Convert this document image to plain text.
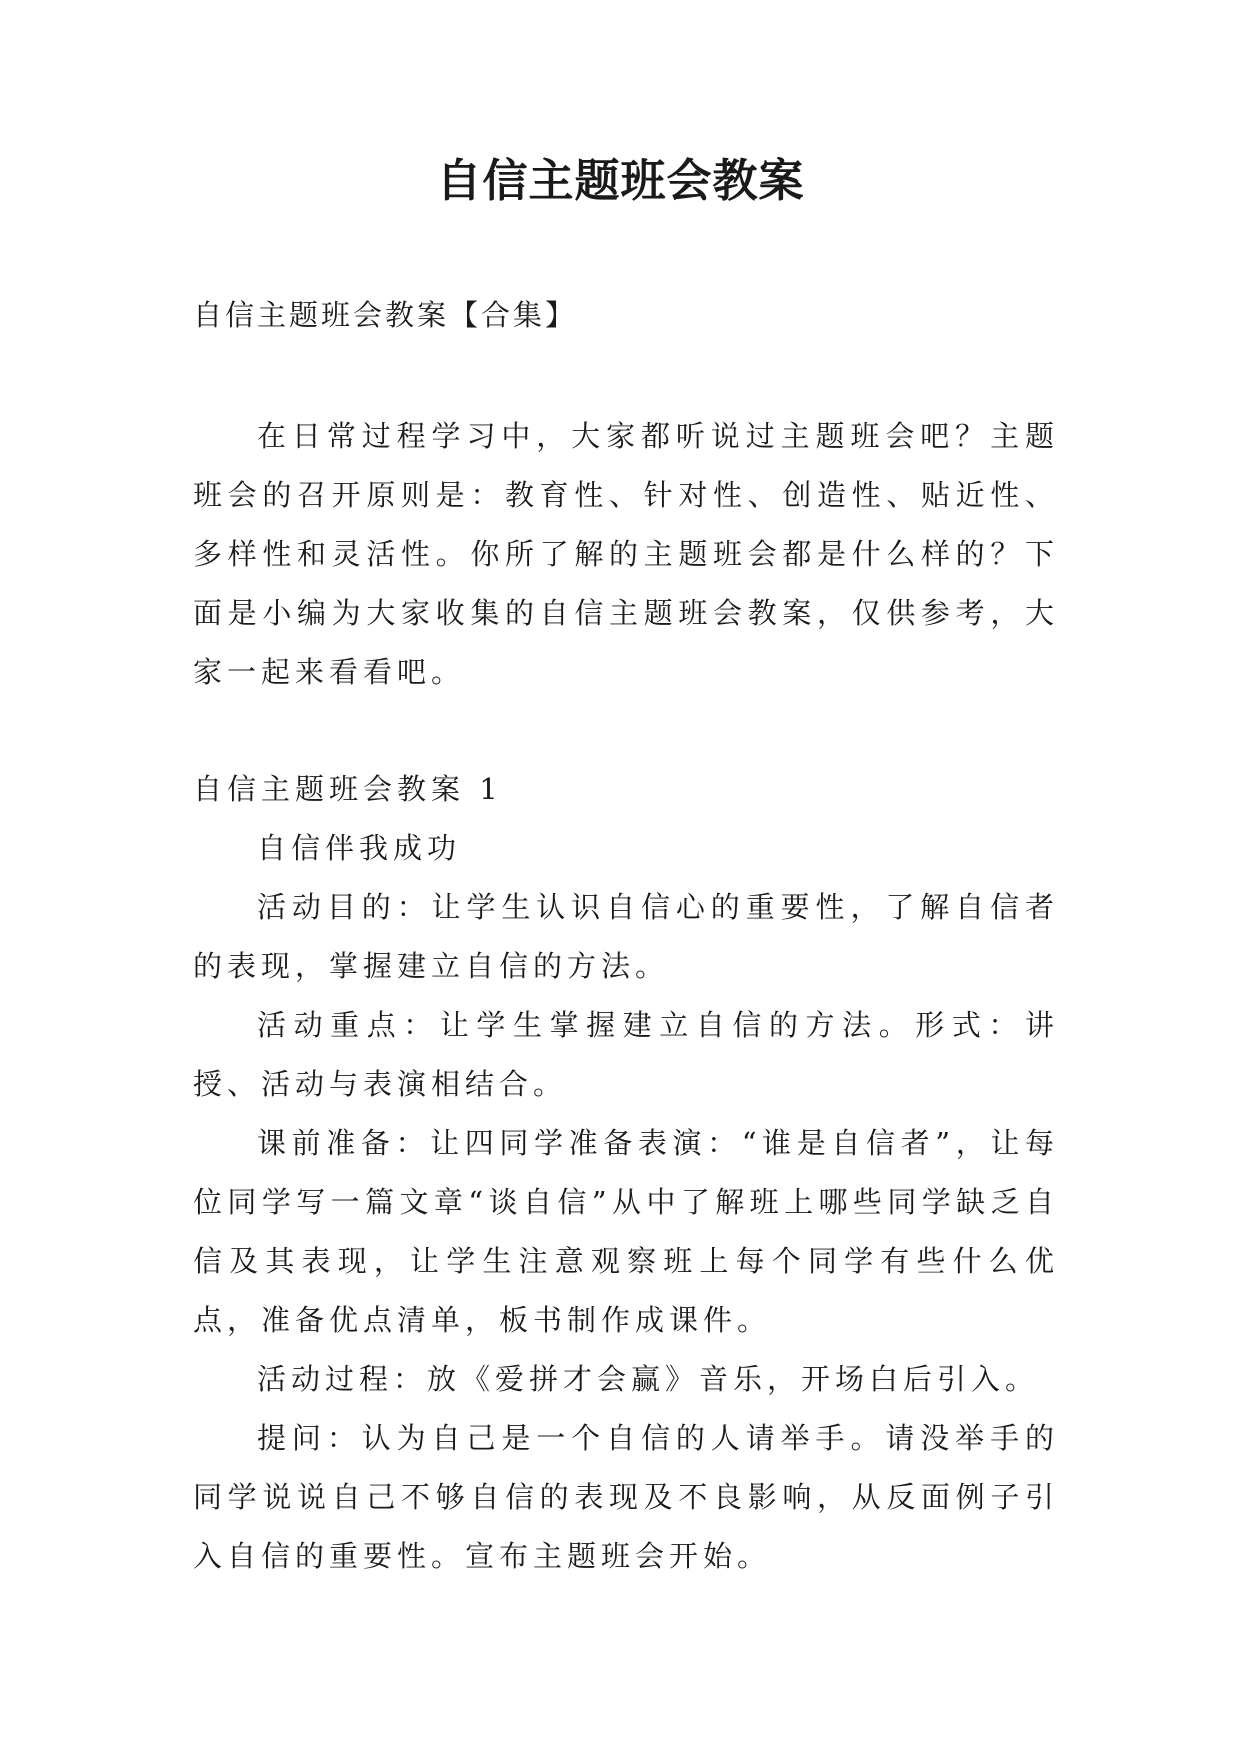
自信主题班会教案

自信主题班会教案【合集】

在日常过程学习中，大家都听说过主题班会吧？主题班会的召开原则是：教育性、针对性、创造性、贴近性、多样性和灵活性。你所了解的主题班会都是什么样的？下面是小编为大家收集的自信主题班会教案，仅供参考，大家一起来看看吧。

自信主题班会教案 1

自信伴我成功

活动目的：让学生认识自信心的重要性，了解自信者的表现，掌握建立自信的方法。

活动重点：让学生掌握建立自信的方法。形式：讲授、活动与表演相结合。

课前准备：让四同学准备表演：“谁是自信者”，让每位同学写一篇文章“谈自信”从中了解班上哪些同学缺乏自信及其表现，让学生注意观察班上每个同学有些什么优点，准备优点清单，板书制作成课件。

活动过程：放《爱拼才会赢》音乐，开场白后引入。

提问：认为自己是一个自信的人请举手。请没举手的同学说说自己不够自信的表现及不良影响，从反面例子引入自信的重要性。宣布主题班会开始。
